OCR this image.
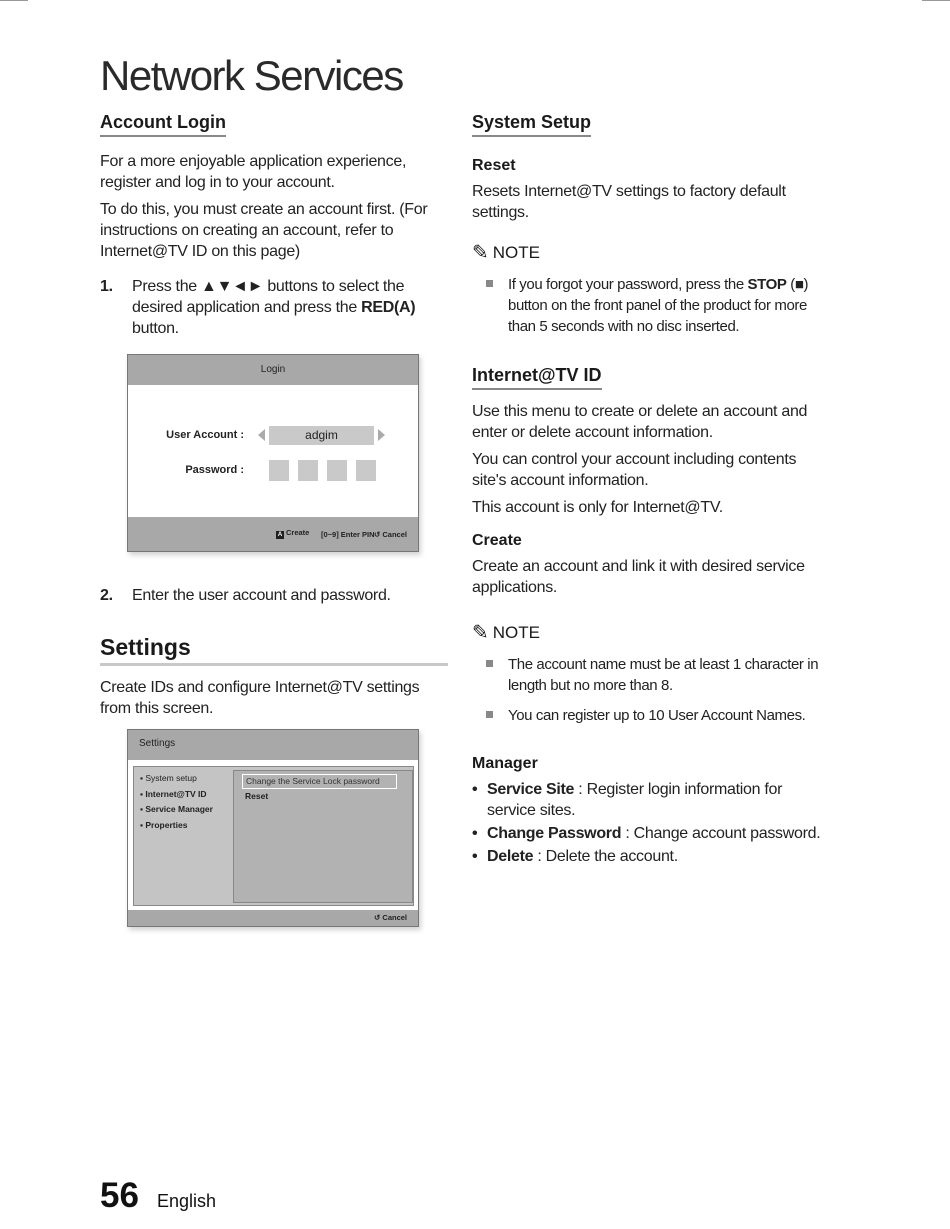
Network Services
Account Login

For a more enjoyable application experience, register and log in to your account.

To do this, you must create an account first. (For instructions on creating an account, refer to Internet@TV ID on this page)

1.	Press the ▲▼◄► buttons to select the desired application and press the RED(A) button.
Login
User Account :	adgim
Password :
A Create [0~9] Enter PIN ↺ Cancel
2.	Enter the user account and password.
Settings

Create IDs and configure Internet@TV settings from this screen.

Settings
▪ System setup
▪ Internet@TV ID
▪ Service Manager
▪ Properties
Change the Service Lock password
Reset
↺ Cancel
System Setup
Reset

Resets Internet@TV settings to factory default settings.

✎ NOTE
If you forgot your password, press the STOP (■) button on the front panel of the product for more than 5 seconds with no disc inserted.
Internet@TV ID

Use this menu to create or delete an account and enter or delete account information.

You can control your account including contents site's account information.

This account is only for Internet@TV.

Create

Create an account and link it with desired service applications.

✎ NOTE
The account name must be at least 1 character in length but no more than 8.
You can register up to 10 User Account Names.
Manager
• Service Site : Register login information for service sites.
• Change Password : Change account password.
• Delete : Delete the account.
56 English
